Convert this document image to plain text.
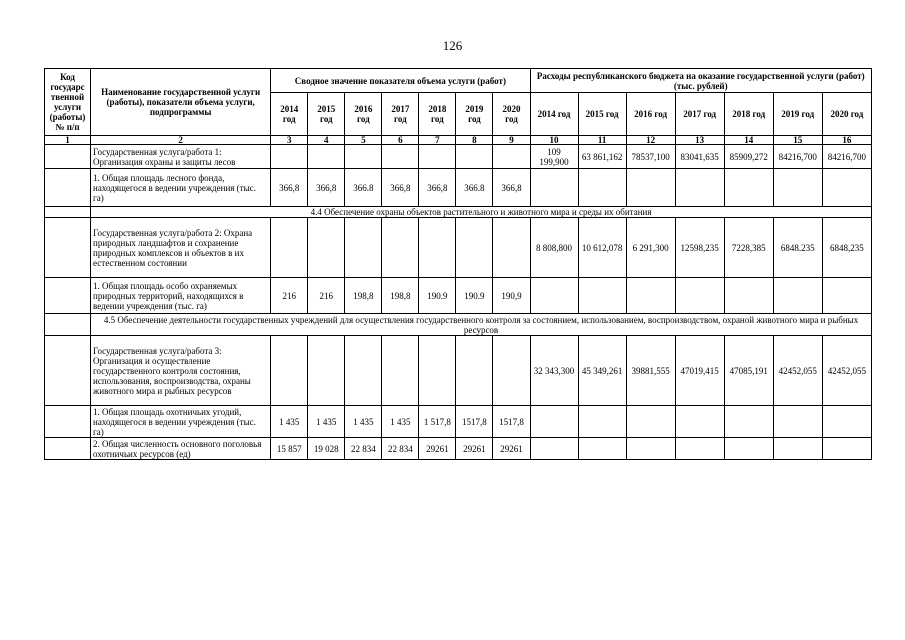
126
Код государс твенной услуги (работы) № п/п	Наименование государственной услуги (работы), показатели объема услуги, подпрограммы	Сводное значение показателя объема услуги (работ)							Расходы республиканского бюджета на оказание государственной услуги (работ) (тыс. рублей)						
		2014 год	2015 год	2016 год	2017 год	2018 год	2019 год	2020 год	2014 год	2015 год	2016 год	2017 год	2018 год	2019 год	2020 год
1	2	3	4	5	6	7	8	9	10	11	12	13	14	15	16
	Государственная услуга/работа 1: Организация охраны и защиты лесов								109 199,900	63 861,162	78537,100	83041,635	85909,272	84216,700	84216,700
	1. Общая площадь лесного фонда, находящегося в ведении учреждения (тыс. га)	366,8	366,8	366.8	366,8	366,8	366.8	366,8							
	4.4 Обеспечение охраны объектов растительного и животного мира и среды их обитания														
	Государственная услуга/работа 2: Охрана природных ландшафтов и сохранение природных комплексов и объектов в их естественном состоянии								8 808,800	10 612,078	6 291,300	12598,235	7228,385	6848.235	6848,235
	1. Общая площадь особо охраняемых природных территорий, находящихся в ведении учреждения (тыс. га)	216	216	198,8	198,8	190.9	190.9	190,9							
	4.5 Обеспечение деятельности государственных учреждений для осуществления государственного контроля за состоянием, использованием, воспроизводством, охраной животного мира и рыбных ресурсов														
	Государственная услуга/работа 3: Организация и осуществление государственного контроля состояния, использования, воспроизводства, охраны животного мира и рыбных ресурсов								32 343,300	45 349,261	39881,555	47019,415	47085,191	42452,055	42452,055
	1. Общая площадь охотничьих угодий, находящегося в ведении учреждения (тыс. га)	1 435	1 435	1 435	1 435	1 517,8	1517,8	1517,8							
	2. Общая численность основного поголовья охотничьих ресурсов (ед)	15 857	19 028	22 834	22 834	29261	29261	29261							
